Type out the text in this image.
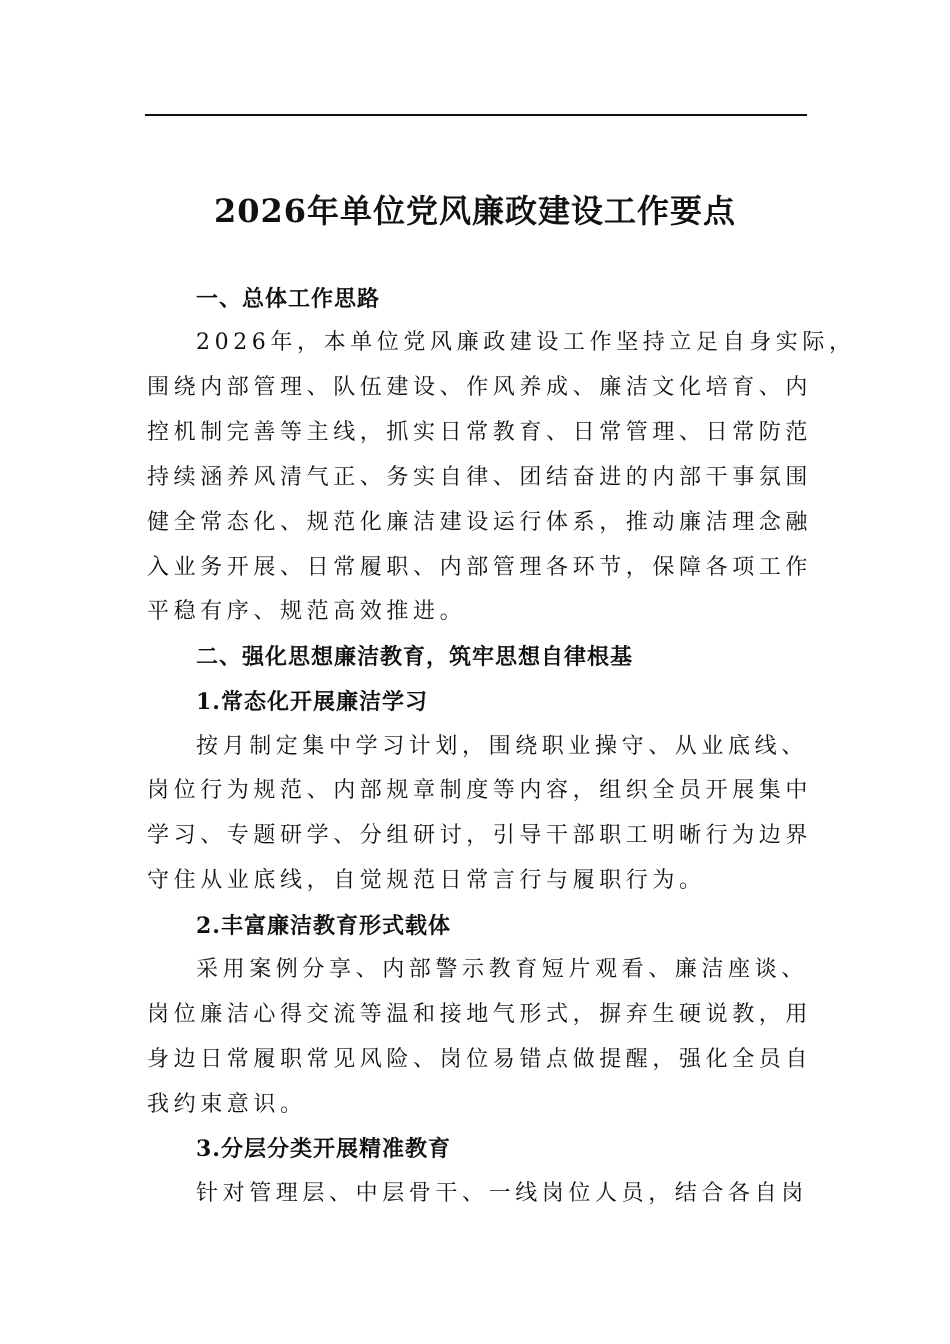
2026年单位党风廉政建设工作要点
一、总体工作思路
2026年，本单位党风廉政建设工作坚持立足自身实际，
围绕内部管理、队伍建设、作风养成、廉洁文化培育、内
控机制完善等主线，抓实日常教育、日常管理、日常防范
持续涵养风清气正、务实自律、团结奋进的内部干事氛围
健全常态化、规范化廉洁建设运行体系，推动廉洁理念融
入业务开展、日常履职、内部管理各环节，保障各项工作
平稳有序、规范高效推进。
二、强化思想廉洁教育，筑牢思想自律根基
1.常态化开展廉洁学习
按月制定集中学习计划，围绕职业操守、从业底线、
岗位行为规范、内部规章制度等内容，组织全员开展集中
学习、专题研学、分组研讨，引导干部职工明晰行为边界
守住从业底线，自觉规范日常言行与履职行为。
2.丰富廉洁教育形式载体
采用案例分享、内部警示教育短片观看、廉洁座谈、
岗位廉洁心得交流等温和接地气形式，摒弃生硬说教，用
身边日常履职常见风险、岗位易错点做提醒，强化全员自
我约束意识。
3.分层分类开展精准教育
针对管理层、中层骨干、一线岗位人员，结合各自岗
